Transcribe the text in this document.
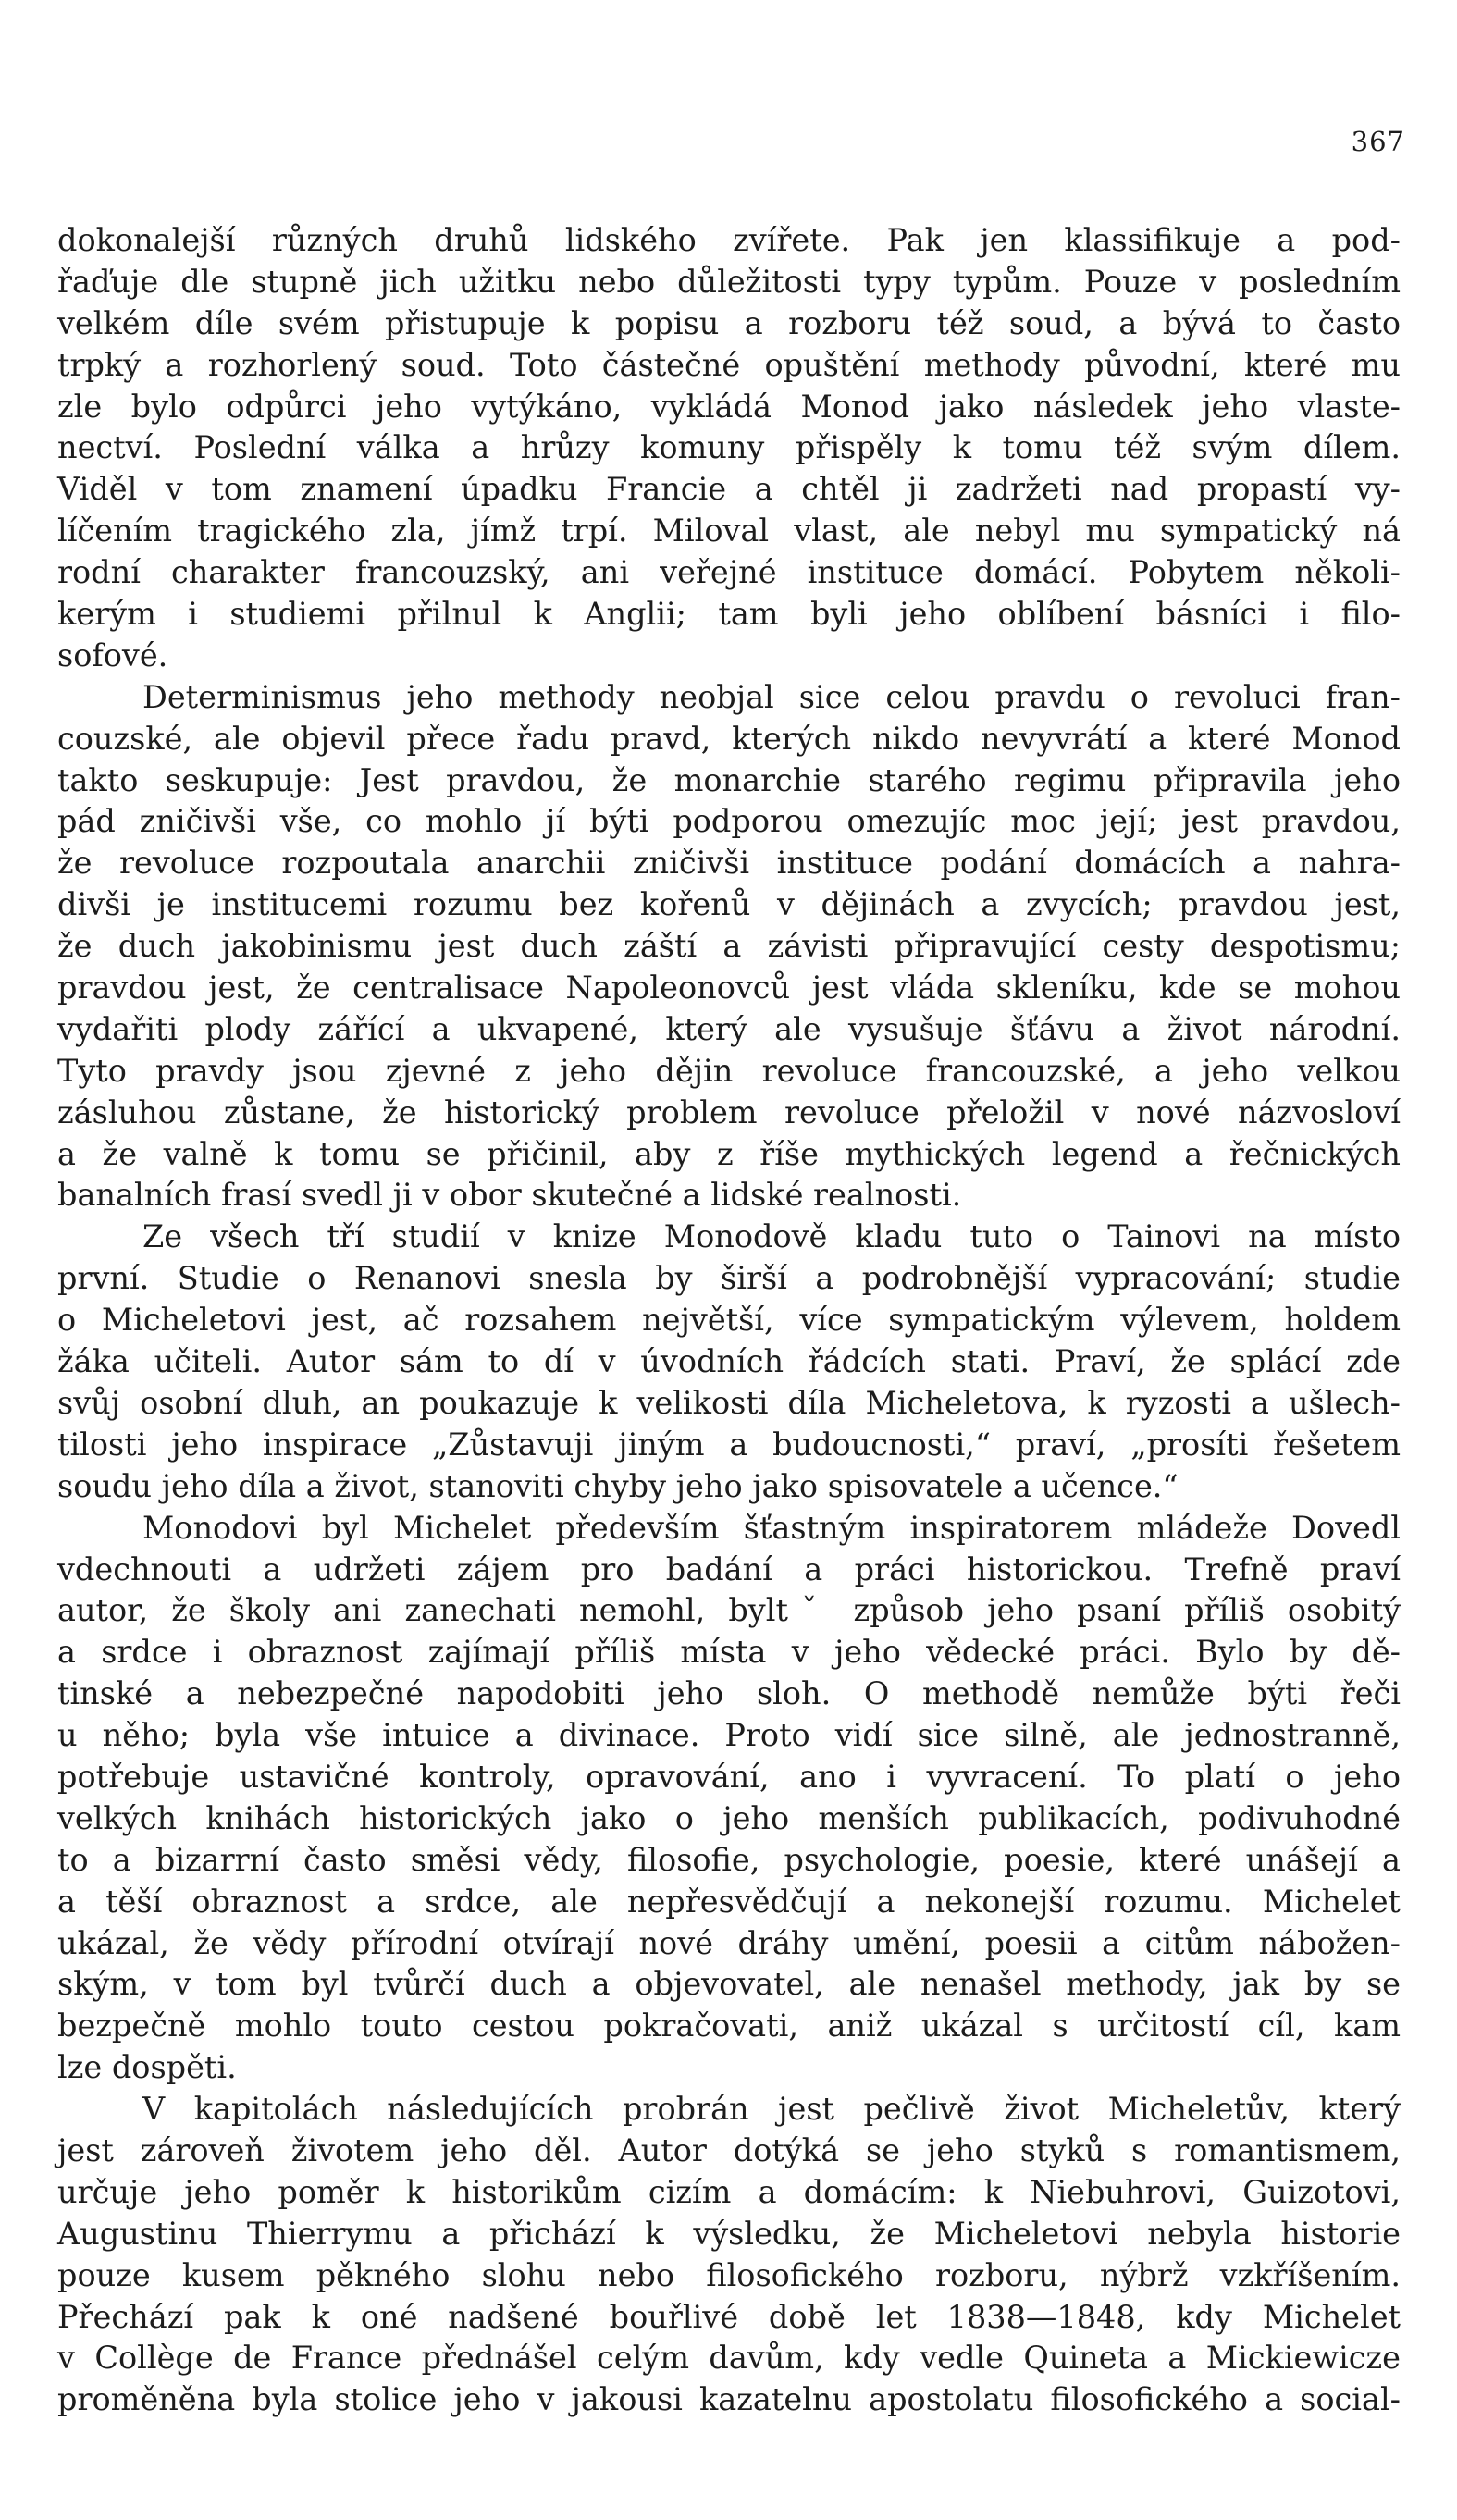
367
dokonalejší různých druhů lidského zvířete. Pak jen klassifikuje a pod-
řaďuje dle stupně jich užitku nebo důležitosti typy typům. Pouze v posledním
velkém díle svém přistupuje k popisu a rozboru též soud, a bývá to často
trpký a rozhorlený soud. Toto částečné opuštění methody původní, které mu
zle bylo odpůrci jeho vytýkáno, vykládá Monod jako následek jeho vlaste-
nectví. Poslední válka a hrůzy komuny přispěly k tomu též svým dílem.
Viděl v tom znamení úpadku Francie a chtěl ji zadržeti nad propastí vy-
líčením tragického zla, jímž trpí. Miloval vlast, ale nebyl mu sympatický ná
rodní charakter francouzský, ani veřejné instituce domácí. Pobytem několi-
kerým i studiemi přilnul k Anglii; tam byli jeho oblíbení básníci i filo-
sofové.
Determinismus jeho methody neobjal sice celou pravdu o revoluci fran-
couzské, ale objevil přece řadu pravd, kterých nikdo nevyvrátí a které Monod
takto seskupuje: Jest pravdou, že monarchie starého regimu připravila jeho
pád zničivši vše, co mohlo jí býti podporou omezujíc moc její; jest pravdou,
že revoluce rozpoutala anarchii zničivši instituce podání domácích a nahra-
divši je institucemi rozumu bez kořenů v dějinách a zvycích; pravdou jest,
že duch jakobinismu jest duch záští a závisti připravující cesty despotismu;
pravdou jest, že centralisace Napoleonovců jest vláda skleníku, kde se mohou
vydařiti plody zářící a ukvapené, který ale vysušuje šťávu a život národní.
Tyto pravdy jsou zjevné z jeho dějin revoluce francouzské, a jeho velkou
zásluhou zůstane, že historický problem revoluce přeložil v nové názvosloví
a že valně k tomu se přičinil, aby z říše mythických legend a řečnických
banalních frasí svedl ji v obor skutečné a lidské realnosti.
Ze všech tří studií v knize Monodově kladu tuto o Tainovi na místo
první. Studie o Renanovi snesla by širší a podrobnější vypracování; studie
o Micheletovi jest, ač rozsahem největší, více sympatickým výlevem, holdem
žáka učiteli. Autor sám to dí v úvodních řádcích stati. Praví, že splácí zde
svůj osobní dluh, an poukazuje k velikosti díla Micheletova, k ryzosti a ušlech-
tilosti jeho inspirace „Zůstavuji jiným a budoucnosti,“ praví, „prosíti řešetem
soudu jeho díla a život, stanoviti chyby jeho jako spisovatele a učence.“
Monodovi byl Michelet především šťastným inspiratorem mládeže Dovedl
vdechnouti a udržeti zájem pro badání a práci historickou. Trefně praví
autor, že školy ani zanechati nemohl, byltˇ způsob jeho psaní příliš osobitý
a srdce i obraznost zajímají příliš místa v jeho vědecké práci. Bylo by dě-
tinské a nebezpečné napodobiti jeho sloh. O methodě nemůže býti řeči
u něho; byla vše intuice a divinace. Proto vidí sice silně, ale jednostranně,
potřebuje ustavičné kontroly, opravování, ano i vyvracení. To platí o jeho
velkých knihách historických jako o jeho menších publikacích, podivuhodné
to a bizarrní často směsi vědy, filosofie, psychologie, poesie, které unášejí a
a těší obraznost a srdce, ale nepřesvědčují a nekonejší rozumu. Michelet
ukázal, že vědy přírodní otvírají nové dráhy umění, poesii a citům nábožen-
ským, v tom byl tvůrčí duch a objevovatel, ale nenašel methody, jak by se
bezpečně mohlo touto cestou pokračovati, aniž ukázal s určitostí cíl, kam
lze dospěti.
V kapitolách následujících probrán jest pečlivě život Micheletův, který
jest zároveň životem jeho děl. Autor dotýká se jeho styků s romantismem,
určuje jeho poměr k historikům cizím a domácím: k Niebuhrovi, Guizotovi,
Augustinu Thierrymu a přichází k výsledku, že Micheletovi nebyla historie
pouze kusem pěkného slohu nebo filosofického rozboru, nýbrž vzkříšením.
Přechází pak k oné nadšené bouřlivé době let 1838—1848, kdy Michelet
v Collège de France přednášel celým davům, kdy vedle Quineta a Mickiewicze
proměněna byla stolice jeho v jakousi kazatelnu apostolatu filosofického a social-
